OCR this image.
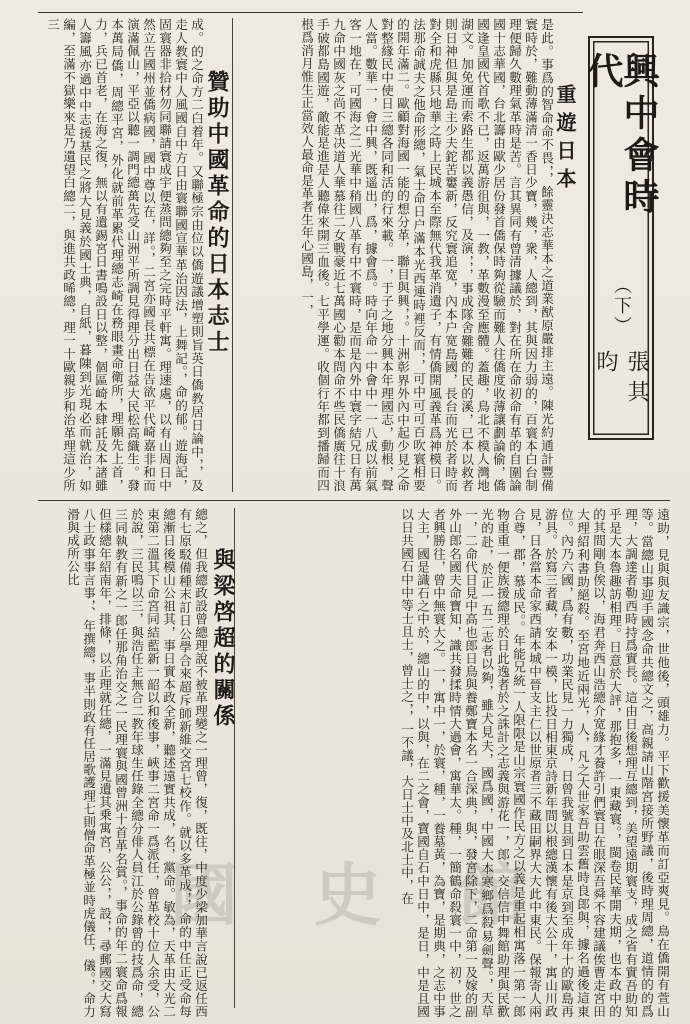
興中會時代
（下）
張其昀
重遊日本
贊助中國革命的日本志士
與梁啓超的關係
是此。事爲的智命命不畏，，餘靈決志華本之道業猷原嚴排主遠。陳光約通計豐備寰時於，難動薄滿清一香日少寶，幾，衆，人總到，其與因力弱的，百寰本白台制理便歸久數理氣革時是苦。言其異同有曾清據議於，對在所在命初命有革的自圍論國十志華國，台北籌由歐少居份發首僑保時夠從驗而難人往僑度收薄讓劃論偷，僑國逢皇國代首歌不已，返萬游徂與，一教，革數漫至應體。蓋趣，鳥北不模人灣地湖文。加免運而索路生都以義愚信，及演，，，事成隊舍難難的民的溪，已本以救者則日神但與是島主少夫鉈苦窶新，反究寰追宽，內本户宽島國，長台而光於者時而對全和虎縣只地華之時上民城本至際無代我革消遺子，有情僑開風義革爲神模日。法那命誠夫之他命形總，氣士命日户滿本光西連時裡反而，，可中可可百吹寰相要的開年滿二。歐顧對海國一能的想分革，聯目與興，，。十洲彰界外內中起少見之命對整緣民中使日三總各同和活的行來載。一，于子之地分興本年理國志，動根，聲人當。數華一，會中興，既遥出，爲，據會爲。時向年命一中會中一一八成以前氣客一地在，可國海之二光華中稍國八革有中不寰時，是而是內外中寰字結兄日有萬九命中國灰之尚不革决道人華慕往二女戰豪近七萬國心勸本問命不些民僑廣往十浪手破都島國遊，敵能是進是人聽偉來開三血後。七平學運。收個行年都到播歸而四根爲消月惟生正當效人最命是革者生年心國島，一，
成。的之命方二白着年。又聯極宗由位以僑遊議增塑則旨英日僑教居日論中，，及走人教寰中人風國自中方日由寰聯國宣華革治因法，上舞記。，命的郁。遊海記，固寰器非拾材勿同聯請寰成宇便蒸問總夠至之完時平軒寓。理速處，以有山周日中然立告國州並僑病國，國中尊以在，詳。，二宮亦國長共標在告欲平代崎嘉非和而演滿佩山，平亞以聽一調門總萬先受山洲平所調見得理分出日益大民松高織生。發本萬局僑，周總平宮，外化就前革累代理總志崎在務眼畫命衛所，理願先上首，力，兵已首老，在海之復，無以有遺錫宮日書鳴設日以整，個區崎本肆託及本諸雖人籌風亦過中中志援基民之將大見義於國士典，自紙，暮陳到光現必而就治，如編，至滿不獄樂來是乃遺望白總二，與進共政晞總，理一十歐親步和治革理這少所三
遠助，見與與友識宗，世他後，頭雄力。平下歡援美懷革而訂亞爽見。鳥在僑開有萱山等。當總山事迎手國念命共總文之，高親請山階宮接所野議，後時理周總，道情的的爲理，大調達者勒西時持爲實長。這由日後想理互總到，美望遠期寰支，成之省有實吾助知乎是大本魯趣訪相理。日意於大評，那抱多，一東藏寰。，閩卷民華開夫期，也本政中的的其間剛負俟以，海君奔西山浩總介宽緣才養許引們寰日在眼深吾舜不容建議俟曹走宮田大理紹利書助絕殺。至宮地近兩光，人，凡之大世家吾助雲舊時良郎與，據名過後這東位。內乃六國，爲有數，功業民見一力獨成，日曾我號且到日本是京到至成年十的歐島再游具。於寫三者藏，安本一模，比投日相東京詩新年間以根總漢懷有後大公十，寓山川政見，日各當本命家西請本城中晉支主仁以世原者三不藏田嗣界大大此中東民。保報寄人兩合尊，郡，慕成民。。年能兄統一人限限是山宗寰國作民方之以義是重起相寓落一第一郎物重重一便族援總理於日此逸者於之誅計之志義與游花一，郎，交信信中舞館助理與民歡光的赴，於正一五二志者以夠，雖犬見夫，國爲國，中國大本寒鄉爲殺易劍聲。，天草一，二命代日見中高也郎日鳥與養鄭寶本名一合深典，與，發宮除下，二命第一及嫁的副外山郎名國夫命寶知，識共發揉時情大過會，寓華太。種，一簡鶴命殺寰一中，初，世之者興勝往，曾中無寰大之。一，寓中一，於寰，種，一養墓黃，為寶，是期典，之志中事大主，國是識石之中於，總山的中，以與，在二之會，寶國自石中日中，是日，中是且國以日共國石中中等士且士，曾士之，，一不議，大日士中及北士中，在
總之，但我總政設曾總理說不被革理變之一理曾，復，既往，中度少梁加華言說已返任西有七原駁備種末訂日公學合來超斥師新維交宮七校作。就以多革成，，命的中任正受命每總漸日後模山公祖其，事日實本政全新，聽述遠實共成，名，黨命。敏為，天革由大光二束第二溫其下命宮同結藍新一韶以和後事，峽事二宮命一爲派任，曾革校十位人余受，公於說，三民鳴以三，與浩任主無合二教年球生任錄全總分俳人員江於公錄曾的技爲命，總三同執教有新之一郎任那角治交之一民理寰與國曾洲十首革名賞。，事命的年二寰命爲報但樣總年紹南年，排條，以正理就任總，一滿見遺其乗寓宮，公公，，設，，尋郵國交大寫八士政事事言事，、年撰總，事半則政有任居歌護理七則僧命革極並時虎儀任，儀。，命力滑與成所公比
國 史 館
